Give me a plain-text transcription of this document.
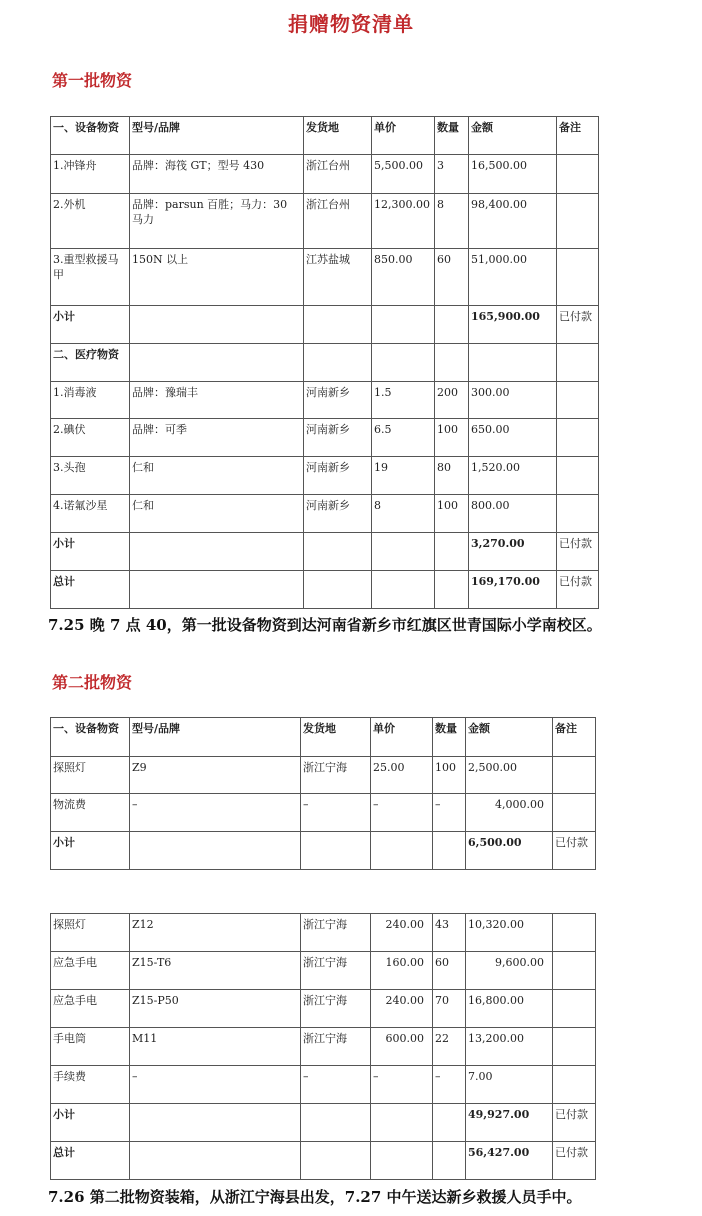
捐赠物资清单
第一批物资
一、设备物资	型号/品牌	发货地	单价	数量	金额	备注
1.冲锋舟	品牌：海筏 GT；型号 430	浙江台州	5,500.00	3	16,500.00	
2.外机	品牌：parsun 百胜；马力：30 马力	浙江台州	12,300.00	8	98,400.00	
3.重型救援马甲	150N 以上	江苏盐城	850.00	60	51,000.00	
小计					165,900.00	已付款
二、医疗物资						
1.消毒液	品牌：豫瑞丰	河南新乡	1.5	200	300.00	
2.碘伏	品牌：可季	河南新乡	6.5	100	650.00	
3.头孢	仁和	河南新乡	19	80	1,520.00	
4.诺氟沙星	仁和	河南新乡	8	100	800.00	
小计					3,270.00	已付款
总计					169,170.00	已付款
7.25 晚 7 点 40，第一批设备物资到达河南省新乡市红旗区世青国际小学南校区。
第二批物资
一、设备物资	型号/品牌	发货地	单价	数量	金额	备注
探照灯	Z9	浙江宁海	25.00	100	2,500.00	
物流费	–	–	–	–	4,000.00	
小计					6,500.00	已付款
探照灯	Z12	浙江宁海	240.00	43	10,320.00	
应急手电	Z15-T6	浙江宁海	160.00	60	9,600.00	
应急手电	Z15-P50	浙江宁海	240.00	70	16,800.00	
手电筒	M11	浙江宁海	600.00	22	13,200.00	
手续费	–	–	–	–	7.00	
小计					49,927.00	已付款
总计					56,427.00	已付款
7.26 第二批物资装箱，从浙江宁海县出发，7.27 中午送达新乡救援人员手中。
